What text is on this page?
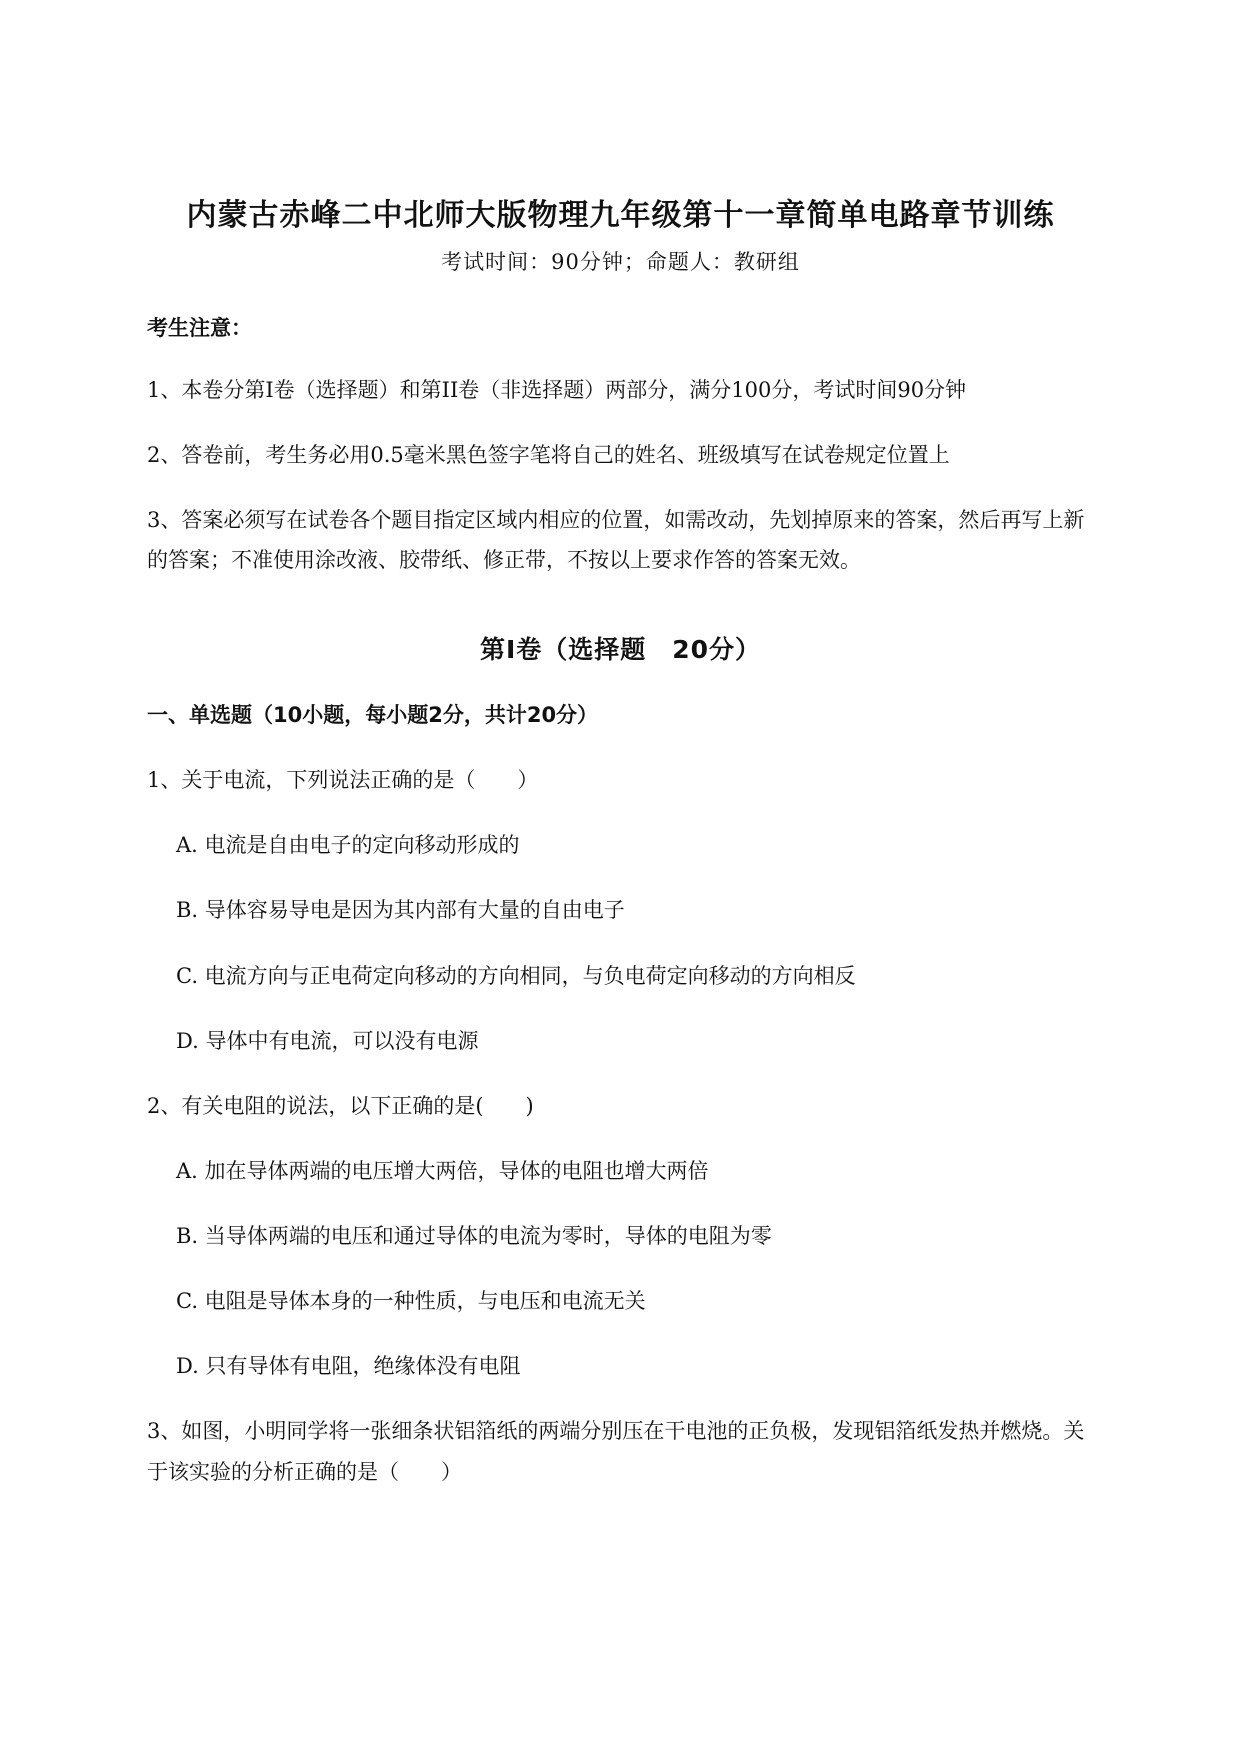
内蒙古赤峰二中北师大版物理九年级第十一章简单电路章节训练
考试时间：90分钟；命题人：教研组
考生注意：
1、本卷分第I卷（选择题）和第II卷（非选择题）两部分，满分100分，考试时间90分钟
2、答卷前，考生务必用0.5毫米黑色签字笔将自己的姓名、班级填写在试卷规定位置上
3、答案必须写在试卷各个题目指定区域内相应的位置，如需改动，先划掉原来的答案，然后再写上新
的答案；不准使用涂改液、胶带纸、修正带，不按以上要求作答的答案无效。
第I卷（选择题　20分）
一、单选题（10小题，每小题2分，共计20分）
1、关于电流，下列说法正确的是（　　）
A. 电流是自由电子的定向移动形成的
B. 导体容易导电是因为其内部有大量的自由电子
C. 电流方向与正电荷定向移动的方向相同，与负电荷定向移动的方向相反
D. 导体中有电流，可以没有电源
2、有关电阻的说法，以下正确的是(　　)
A. 加在导体两端的电压增大两倍，导体的电阻也增大两倍
B. 当导体两端的电压和通过导体的电流为零时，导体的电阻为零
C. 电阻是导体本身的一种性质，与电压和电流无关
D. 只有导体有电阻，绝缘体没有电阻
3、如图，小明同学将一张细条状铝箔纸的两端分别压在干电池的正负极，发现铝箔纸发热并燃烧。关
于该实验的分析正确的是（　　）
